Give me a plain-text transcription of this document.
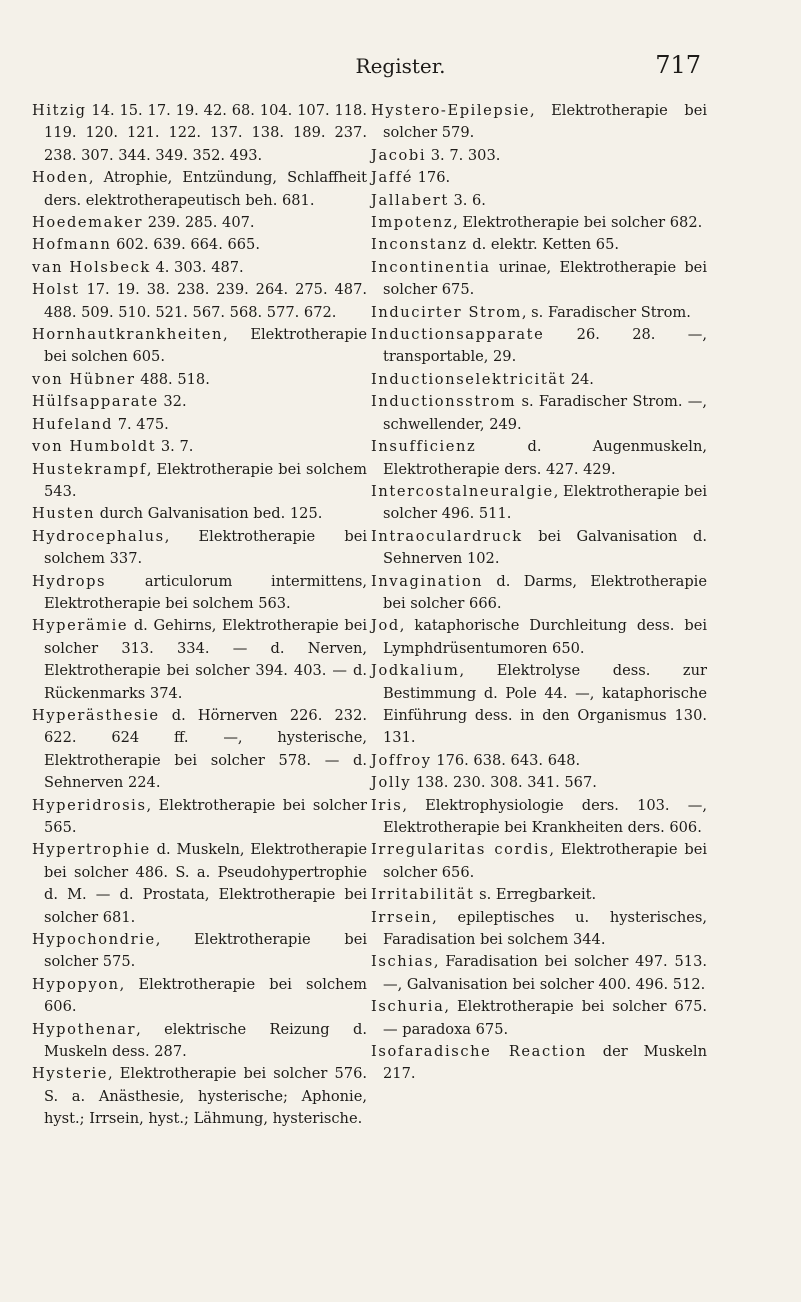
Register.	717

Hitzig 14. 15. 17. 19. 42. 68. 104. 107. 118. 119. 120. 121. 122. 137. 138. 189. 237. 238. 307. 344. 349. 352. 493.

Hoden, Atrophie, Entzündung, Schlaffheit ders. elektrotherapeutisch beh. 681.

Hoedemaker 239. 285. 407.

Hofmann 602. 639. 664. 665.

van Holsbeck 4. 303. 487.

Holst 17. 19. 38. 238. 239. 264. 275. 487. 488. 509. 510. 521. 567. 568. 577. 672.

Hornhautkrankheiten, Elektrotherapie bei solchen 605.

von Hübner 488. 518.

Hülfsapparate 32.

Hufeland 7. 475.

von Humboldt 3. 7.

Hustekrampf, Elektrotherapie bei solchem 543.

Husten durch Galvanisation bed. 125.

Hydrocephalus, Elektrotherapie bei solchem 337.

Hydrops articulorum intermittens, Elektrotherapie bei solchem 563.

Hyperämie d. Gehirns, Elektrotherapie bei solcher 313. 334. — d. Nerven, Elektrotherapie bei solcher 394. 403. — d. Rückenmarks 374.

Hyperästhesie d. Hörnerven 226. 232. 622. 624 ff. —, hysterische, Elektrotherapie bei solcher 578. — d. Sehnerven 224.

Hyperidrosis, Elektrotherapie bei solcher 565.

Hypertrophie d. Muskeln, Elektrotherapie bei solcher 486. S. a. Pseudohypertrophie d. M. — d. Prostata, Elektrotherapie bei solcher 681.

Hypochondrie, Elektrotherapie bei solcher 575.

Hypopyon, Elektrotherapie bei solchem 606.

Hypothenar, elektrische Reizung d. Muskeln dess. 287.

Hysterie, Elektrotherapie bei solcher 576. S. a. Anästhesie, hysterische; Aphonie, hyst.; Irrsein, hyst.; Lähmung, hysterische.

Hystero-Epilepsie, Elektrotherapie bei solcher 579.

Jacobi 3. 7. 303.

Jaffé 176.

Jallabert 3. 6.

Impotenz, Elektrotherapie bei solcher 682.

Inconstanz d. elektr. Ketten 65.

Incontinentia urinae, Elektrotherapie bei solcher 675.

Inducirter Strom, s. Faradischer Strom.

Inductionsapparate 26. 28. —, transportable, 29.

Inductionselektricität 24.

Inductionsstrom s. Faradischer Strom. —, schwellender, 249.

Insufficienz d. Augenmuskeln, Elektrotherapie ders. 427. 429.

Intercostalneuralgie, Elektrotherapie bei solcher 496. 511.

Intraoculardruck bei Galvanisation d. Sehnerven 102.

Invagination d. Darms, Elektrotherapie bei solcher 666.

Jod, kataphorische Durchleitung dess. bei Lymphdrüsentumoren 650.

Jodkalium, Elektrolyse dess. zur Bestimmung d. Pole 44. —, kataphorische Einführung dess. in den Organismus 130. 131.

Joffroy 176. 638. 643. 648.

Jolly 138. 230. 308. 341. 567.

Iris, Elektrophysiologie ders. 103. —, Elektrotherapie bei Krankheiten ders. 606.

Irregularitas cordis, Elektrotherapie bei solcher 656.

Irritabilität s. Erregbarkeit.

Irrsein, epileptisches u. hysterisches, Faradisation bei solchem 344.

Ischias, Faradisation bei solcher 497. 513. —, Galvanisation bei solcher 400. 496. 512.

Ischuria, Elektrotherapie bei solcher 675. — paradoxa 675.

Isofaradische Reaction der Muskeln 217.
